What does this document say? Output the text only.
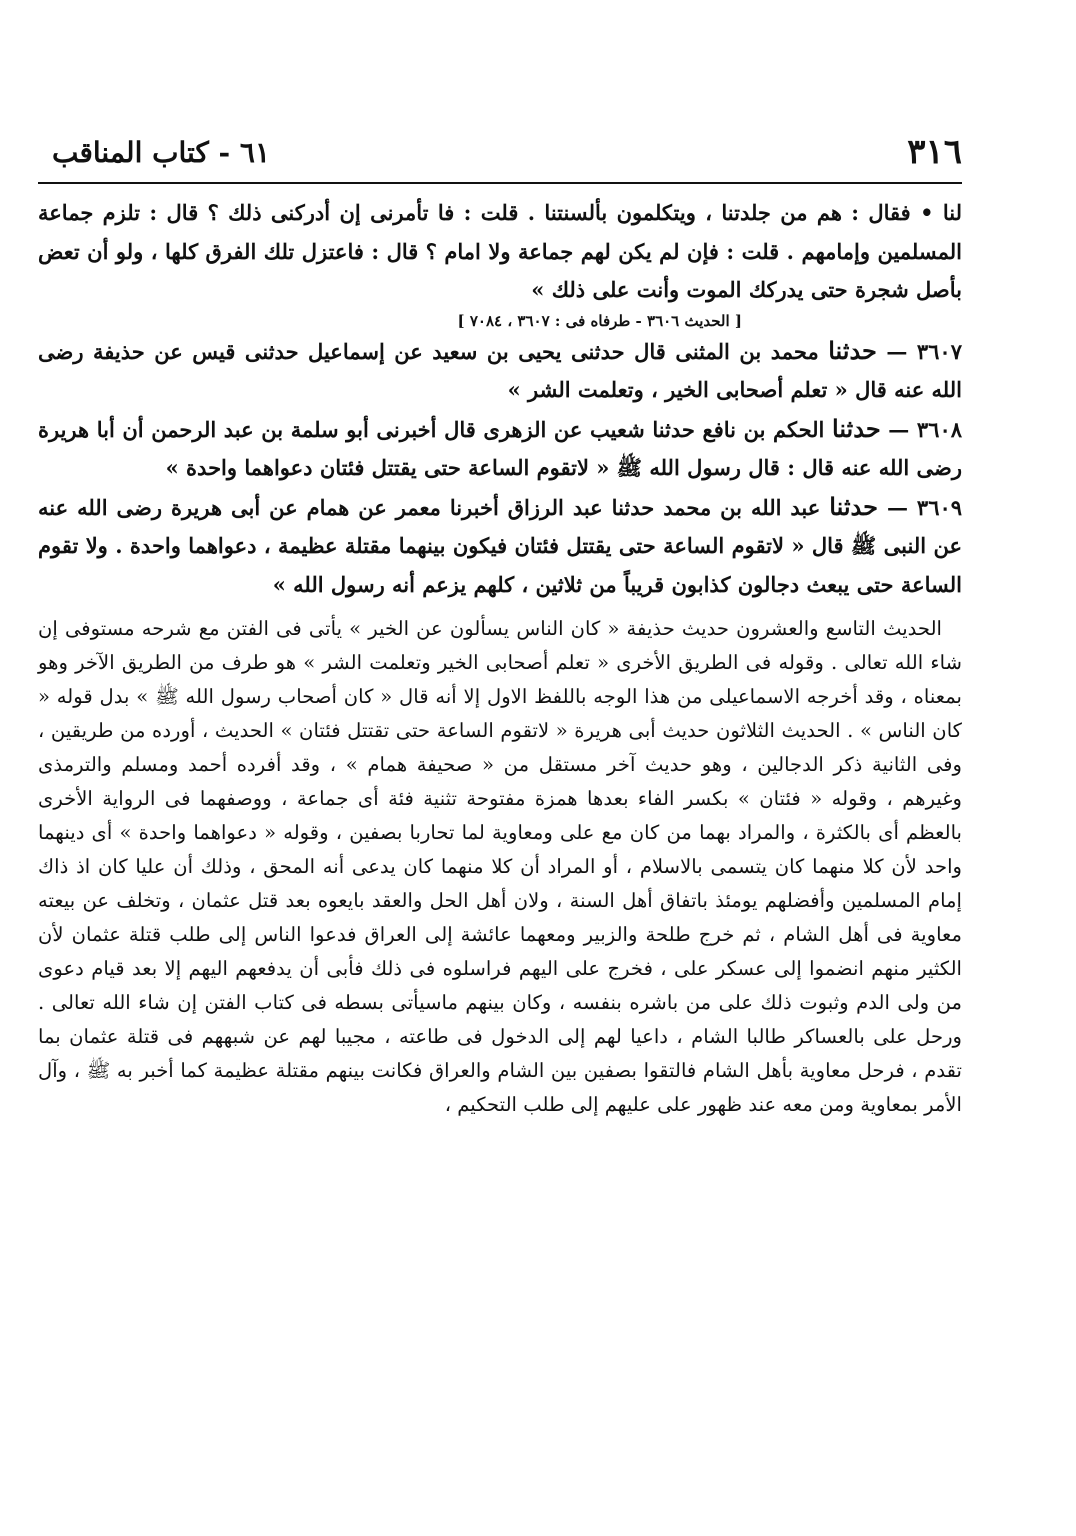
٣١٦
٦١ - كتاب المناقب

لنا • فقال : هم من جلدتنا ، ويتكلمون بألسنتنا . قلت : فا تأمرنى إن أدركنى ذلك ؟ قال : تلزم جماعة المسلمين وإمامهم . قلت : فإن لم يكن لهم جماعة ولا امام ؟ قال : فاعتزل تلك الفرق كلها ، ولو أن تعض بأصل شجرة حتى يدركك الموت وأنت على ذلك »

[ الحديث ٣٦٠٦ - طرفاه فى : ٣٦٠٧ ، ٧٠٨٤ ]

٣٦٠٧ — حدثنا محمد بن المثنى قال حدثنى يحيى بن سعيد عن إسماعيل حدثنى قيس عن حذيفة رضى الله عنه قال « تعلم أصحابى الخير ، وتعلمت الشر »

٣٦٠٨ — حدثنا الحكم بن نافع حدثنا شعيب عن الزهرى قال أخبرنى أبو سلمة بن عبد الرحمن أن أبا هريرة رضى الله عنه قال : قال رسول الله ﷺ « لاتقوم الساعة حتى يقتتل فئتان دعواهما واحدة »

٣٦٠٩ — حدثنا عبد الله بن محمد حدثنا عبد الرزاق أخبرنا معمر عن همام عن أبى هريرة رضى الله عنه عن النبى ﷺ قال « لاتقوم الساعة حتى يقتتل فئتان فيكون بينهما مقتلة عظيمة ، دعواهما واحدة . ولا تقوم الساعة حتى يبعث دجالون كذابون قريباً من ثلاثين ، كلهم يزعم أنه رسول الله »

الحديث التاسع والعشرون حديث حذيفة « كان الناس يسألون عن الخير » يأتى فى الفتن مع شرحه مستوفى إن شاء الله تعالى . وقوله فى الطريق الأخرى « تعلم أصحابى الخير وتعلمت الشر » هو طرف من الطريق الآخر وهو بمعناه ، وقد أخرجه الاسماعيلى من هذا الوجه باللفظ الاول إلا أنه قال « كان أصحاب رسول الله ﷺ » بدل قوله « كان الناس » . الحديث الثلاثون حديث أبى هريرة « لاتقوم الساعة حتى تقتتل فئتان » الحديث ، أورده من طريقين ، وفى الثانية ذكر الدجالين ، وهو حديث آخر مستقل من « صحيفة همام » ، وقد أفرده أحمد ومسلم والترمذى وغيرهم ، وقوله « فئتان » بكسر الفاء بعدها همزة مفتوحة تثنية فئة أى جماعة ، ووصفهما فى الرواية الأخرى بالعظم أى بالكثرة ، والمراد بهما من كان مع على ومعاوية لما تحاربا بصفين ، وقوله « دعواهما واحدة » أى دينهما واحد لأن كلا منهما كان يتسمى بالاسلام ، أو المراد أن كلا منهما كان يدعى أنه المحق ، وذلك أن عليا كان اذ ذاك إمام المسلمين وأفضلهم يومئذ باتفاق أهل السنة ، ولان أهل الحل والعقد بايعوه بعد قتل عثمان ، وتخلف عن بيعته معاوية فى أهل الشام ، ثم خرج طلحة والزبير ومعهما عائشة إلى العراق فدعوا الناس إلى طلب قتلة عثمان لأن الكثير منهم انضموا إلى عسكر على ، فخرج على اليهم فراسلوه فى ذلك فأبى أن يدفعهم اليهم إلا بعد قيام دعوى من ولى الدم وثبوت ذلك على من باشره بنفسه ، وكان بينهم ماسيأتى بسطه فى كتاب الفتن إن شاء الله تعالى . ورحل على بالعساكر طالبا الشام ، داعيا لهم إلى الدخول فى طاعته ، مجيبا لهم عن شبههم فى قتلة عثمان بما تقدم ، فرحل معاوية بأهل الشام فالتقوا بصفين بين الشام والعراق فكانت بينهم مقتلة عظيمة كما أخبر به ﷺ ، وآل الأمر بمعاوية ومن معه عند ظهور على عليهم إلى طلب التحكيم ،
